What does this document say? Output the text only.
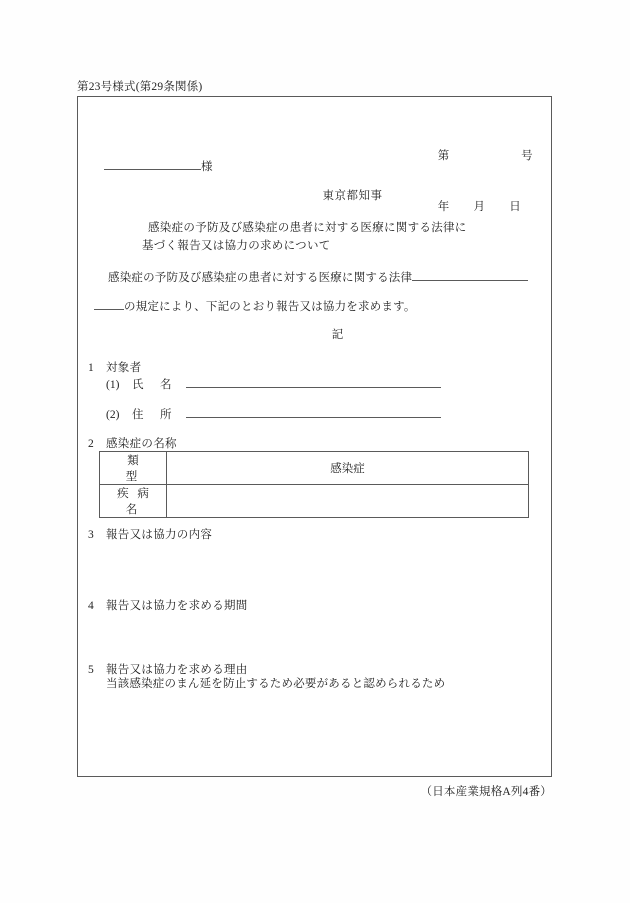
第23号様式(第29条関係)

第　　　　　　号

年　　月　　日

様
東京都知事
感染症の予防及び感染症の患者に対する医療に関する法律に
基づく報告又は協力の求めについて
感染症の予防及び感染症の患者に対する医療に関する法律
の規定により、下記のとおり報告又は協力を求めます。
記
1 対象者
(1) 氏　名
(2) 住　所
2 感染症の名称
類　　型	感染症
疾 病 名	
3 報告又は協力の内容
4 報告又は協力を求める期間
5 報告又は協力を求める理由
当該感染症のまん延を防止するため必要があると認められるため
（日本産業規格A列4番）
